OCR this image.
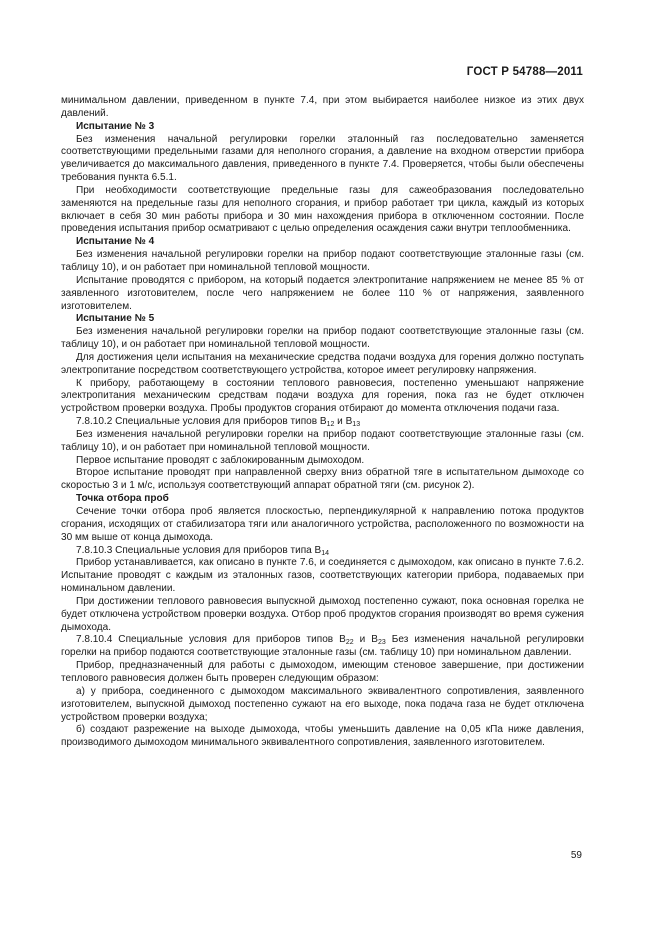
ГОСТ Р 54788—2011

минимальном давлении, приведенном в пункте 7.4, при этом выбирается наиболее низкое из этих двух давлений.

Испытание № 3

Без изменения начальной регулировки горелки эталонный газ последовательно заменяется соответствующими предельными газами для неполного сгорания, а давление на входном отверстии прибора увеличивается до максимального давления, приведенного в пункте 7.4. Проверяется, чтобы были обеспечены требования пункта 6.5.1.

При необходимости соответствующие предельные газы для сажеобразования последовательно заменяются на предельные газы для неполного сгорания, и прибор работает три цикла, каждый из которых включает в себя 30 мин работы прибора и 30 мин нахождения прибора в отключенном состоянии. После проведения испытания прибор осматривают с целью определения осаждения сажи внутри теплообменника.

Испытание № 4

Без изменения начальной регулировки горелки на прибор подают соответствующие эталонные газы (см. таблицу 10), и он работает при номинальной тепловой мощности.

Испытание проводятся с прибором, на который подается электропитание напряжением не менее 85 % от заявленного изготовителем, после чего напряжением не более 110 % от напряжения, заявленного изготовителем.

Испытание № 5

Без изменения начальной регулировки горелки на прибор подают соответствующие эталонные газы (см. таблицу 10), и он работает при номинальной тепловой мощности.

Для достижения цели испытания на механические средства подачи воздуха для горения должно поступать электропитание посредством соответствующего устройства, которое имеет регулировку напряжения.

К прибору, работающему в состоянии теплового равновесия, постепенно уменьшают напряжение электропитания механическим средствам подачи воздуха для горения, пока газ не будет отключен устройством проверки воздуха. Пробы продуктов сгорания отбирают до момента отключения подачи газа.

7.8.10.2 Специальные условия для приборов типов $В_{12}$ и $В_{13}$

Без изменения начальной регулировки горелки на прибор подают соответствующие эталонные газы (см. таблицу 10), и он работает при номинальной тепловой мощности.

Первое испытание проводят с заблокированным дымоходом.

Второе испытание проводят при направленной сверху вниз обратной тяге в испытательном дымоходе со скоростью 3 и 1 м/с, используя соответствующий аппарат обратной тяги (см. рисунок 2).

Точка отбора проб

Сечение точки отбора проб является плоскостью, перпендикулярной к направлению потока продуктов сгорания, исходящих от стабилизатора тяги или аналогичного устройства, расположенного по возможности на 30 мм выше от конца дымохода.

7.8.10.3 Специальные условия для приборов типа $В_{14}$

Прибор устанавливается, как описано в пункте 7.6, и соединяется с дымоходом, как описано в пункте 7.6.2. Испытание проводят с каждым из эталонных газов, соответствующих категории прибора, подаваемых при номинальном давлении.

При достижении теплового равновесия выпускной дымоход постепенно сужают, пока основная горелка не будет отключена устройством проверки воздуха. Отбор проб продуктов сгорания производят во время сужения дымохода.

7.8.10.4 Специальные условия для приборов типов $В_{22}$ и $В_{23}$ Без изменения начальной регулировки горелки на прибор подаются соответствующие эталонные газы (см. таблицу 10) при номинальном давлении.

Прибор, предназначенный для работы с дымоходом, имеющим стеновое завершение, при достижении теплового равновесия должен быть проверен следующим образом:

а) у прибора, соединенного с дымоходом максимального эквивалентного сопротивления, заявленного изготовителем, выпускной дымоход постепенно сужают на его выходе, пока подача газа не будет отключена устройством проверки воздуха;

б) создают разрежение на выходе дымохода, чтобы уменьшить давление на 0,05 кПа ниже давления, производимого дымоходом минимального эквивалентного сопротивления, заявленного изготовителем.

59
